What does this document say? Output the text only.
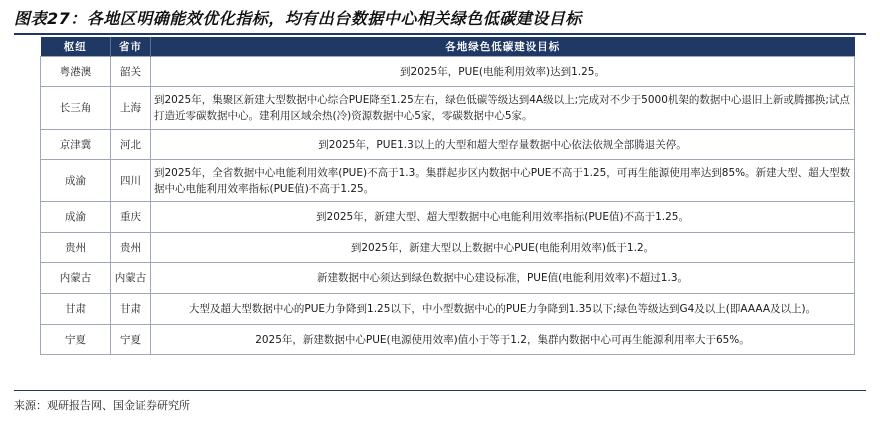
图表27：各地区明确能效优化指标，均有出台数据中心相关绿色低碳建设目标
枢纽	省市	各地绿色低碳建设目标
粤港澳	韶关	到2025年，PUE(电能利用效率)达到1.25。
长三角	上海	到2025年，集聚区新建大型数据中心综合PUE降至1.25左右，绿色低碳等级达到4A级以上;完成对不少于5000机架的数据中心退旧上新或腾挪换;试点打造近零碳数据中心。建利用区域余热(冷)资源数据中心5家，零碳数据中心5家。
京津冀	河北	到2025年，PUE1.3以上的大型和超大型存量数据中心依法依规全部腾退关停。
成渝	四川	到2025年，全省数据中心电能利用效率(PUE)不高于1.3。集群起步区内数据中心PUE不高于1.25，可再生能源使用率达到85%。新建大型、超大型数据中心电能利用效率指标(PUE值)不高于1.25。
成渝	重庆	到2025年，新建大型、超大型数据中心电能利用效率指标(PUE值)不高于1.25。
贵州	贵州	到2025年，新建大型以上数据中心PUE(电能利用效率)低于1.2。
内蒙古	内蒙古	新建数据中心须达到绿色数据中心建设标准，PUE值(电能利用效率)不超过1.3。
甘肃	甘肃	大型及超大型数据中心的PUE力争降到1.25以下，中小型数据中心的PUE力争降到1.35以下;绿色等级达到G4及以上(即AAAA及以上)。
宁夏	宁夏	2025年，新建数据中心PUE(电源使用效率)值小于等于1.2，集群内数据中心可再生能源利用率大于65%。
来源：观研报告网、国金证券研究所
